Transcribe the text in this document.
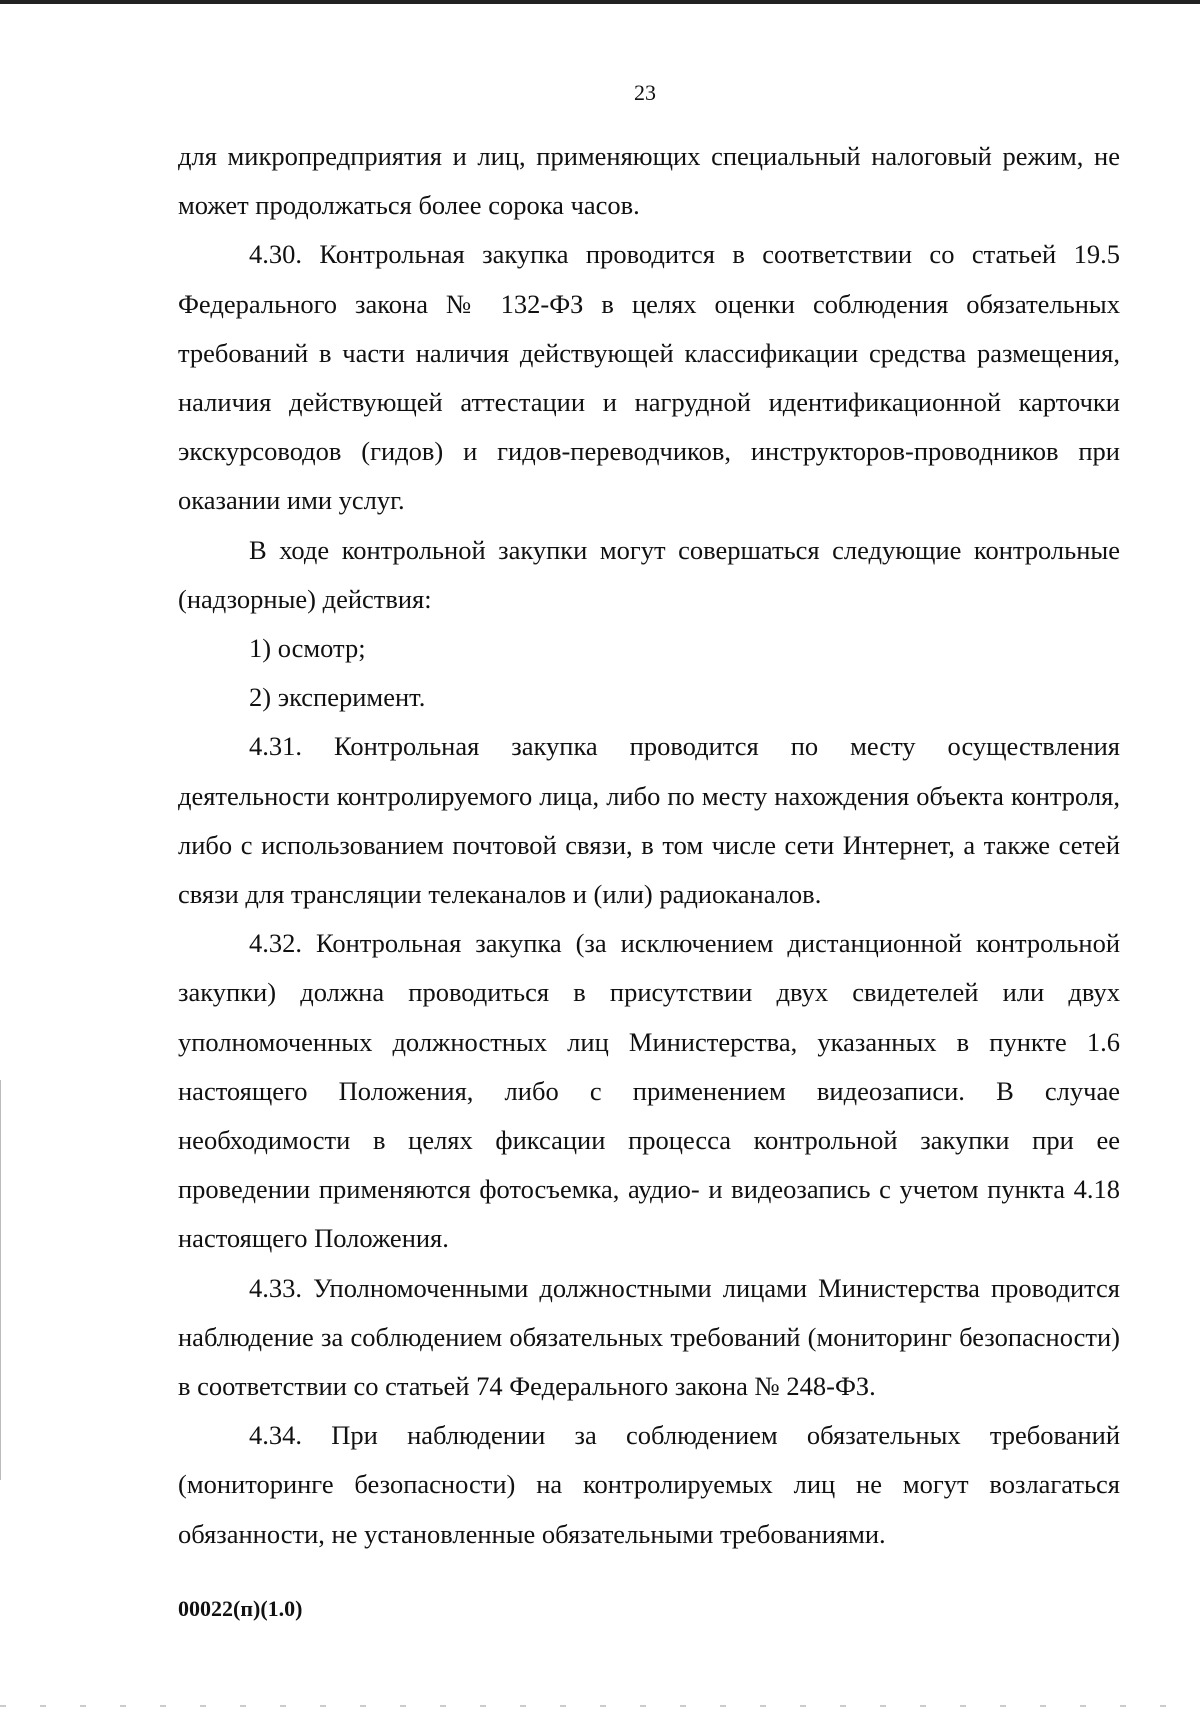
23

для микропредприятия и лиц, применяющих специальный налоговый режим, не может продолжаться более сорока часов.

4.30. Контрольная закупка проводится в соответствии со статьей 19.5 Федерального закона № 132-ФЗ в целях оценки соблюдения обязательных требований в части наличия действующей классификации средства размещения, наличия действующей аттестации и нагрудной идентификационной карточки экскурсоводов (гидов) и гидов-переводчиков, инструкторов-проводников при оказании ими услуг.

В ходе контрольной закупки могут совершаться следующие контрольные (надзорные) действия:

1) осмотр;

2) эксперимент.

4.31. Контрольная закупка проводится по месту осуществления деятельности контролируемого лица, либо по месту нахождения объекта контроля, либо с использованием почтовой связи, в том числе сети Интернет, а также сетей связи для трансляции телеканалов и (или) радиоканалов.

4.32. Контрольная закупка (за исключением дистанционной контрольной закупки) должна проводиться в присутствии двух свидетелей или двух уполномоченных должностных лиц Министерства, указанных в пункте 1.6 настоящего Положения, либо с применением видеозаписи. В случае необходимости в целях фиксации процесса контрольной закупки при ее проведении применяются фотосъемка, аудио- и видеозапись с учетом пункта 4.18 настоящего Положения.

4.33. Уполномоченными должностными лицами Министерства проводится наблюдение за соблюдением обязательных требований (мониторинг безопасности) в соответствии со статьей 74 Федерального закона № 248-ФЗ.

4.34. При наблюдении за соблюдением обязательных требований (мониторинге безопасности) на контролируемых лиц не могут возлагаться обязанности, не установленные обязательными требованиями.

00022(п)(1.0)
